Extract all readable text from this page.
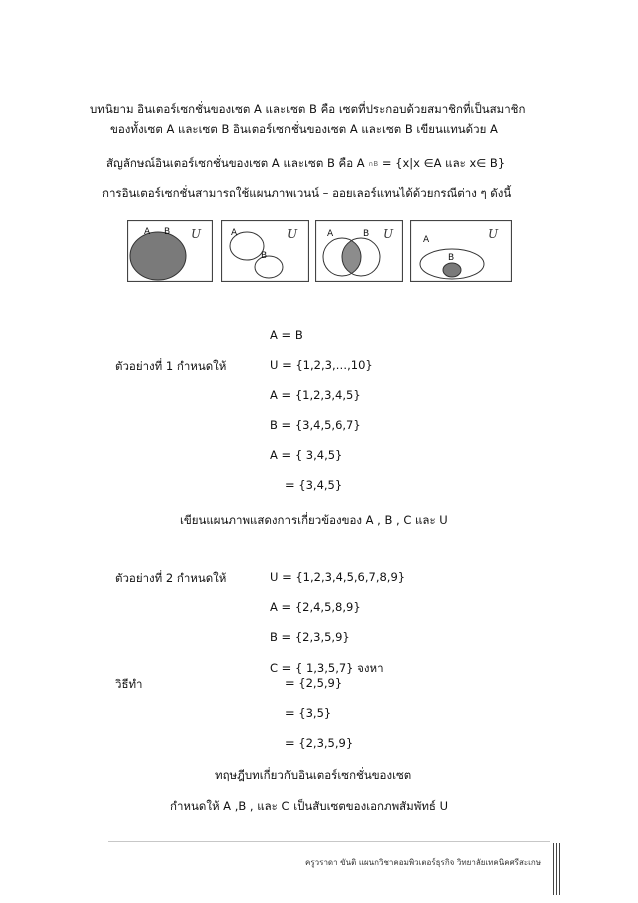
บทนิยาม อินเตอร์เซกชั่นของเซต A และเซต B คือ เซตที่ประกอบด้วยสมาชิกที่เป็นสมาชิก
ของทั้งเซต A และเซต B อินเตอร์เซกชั่นของเซต A และเซต B เขียนแทนด้วย A
สัญลักษณ์อินเตอร์เซกชั่นของเซต A และเซต B คือ A ∩B = {x|x ∈A และ x∈ B}
การอินเตอร์เซกชั่นสามารถใช้แผนภาพเวนน์ – ออยเลอร์แทนได้ด้วยกรณีต่าง ๆ ดังนี้
A B U	A
B
U	A	B U	A
B
U
A = B
ตัวอย่างที่ 1 กำหนดให้	U = {1,2,3,…,10}
A = {1,2,3,4,5}
B = {3,4,5,6,7}
A = { 3,4,5}
= {3,4,5}
เขียนแผนภาพแสดงการเกี่ยวข้องของ A , B , C และ U
ตัวอย่างที่ 2 กำหนดให้	U = {1,2,3,4,5,6,7,8,9}
A = {2,4,5,8,9}
B = {2,3,5,9}
C = { 1,3,5,7} จงหา
วิธีทำ	= {2,5,9}
= {3,5}
= {2,3,5,9}
ทฤษฎีบทเกี่ยวกับอินเตอร์เซกชั่นของเซต
กำหนดให้ A ,B , และ C เป็นสับเซตของเอกภพสัมพัทธ์ U
ครูวราดา ขันติ แผนกวิชาคอมพิวเตอร์ธุรกิจ วิทยาลัยเทคนิคศรีสะเกษ
